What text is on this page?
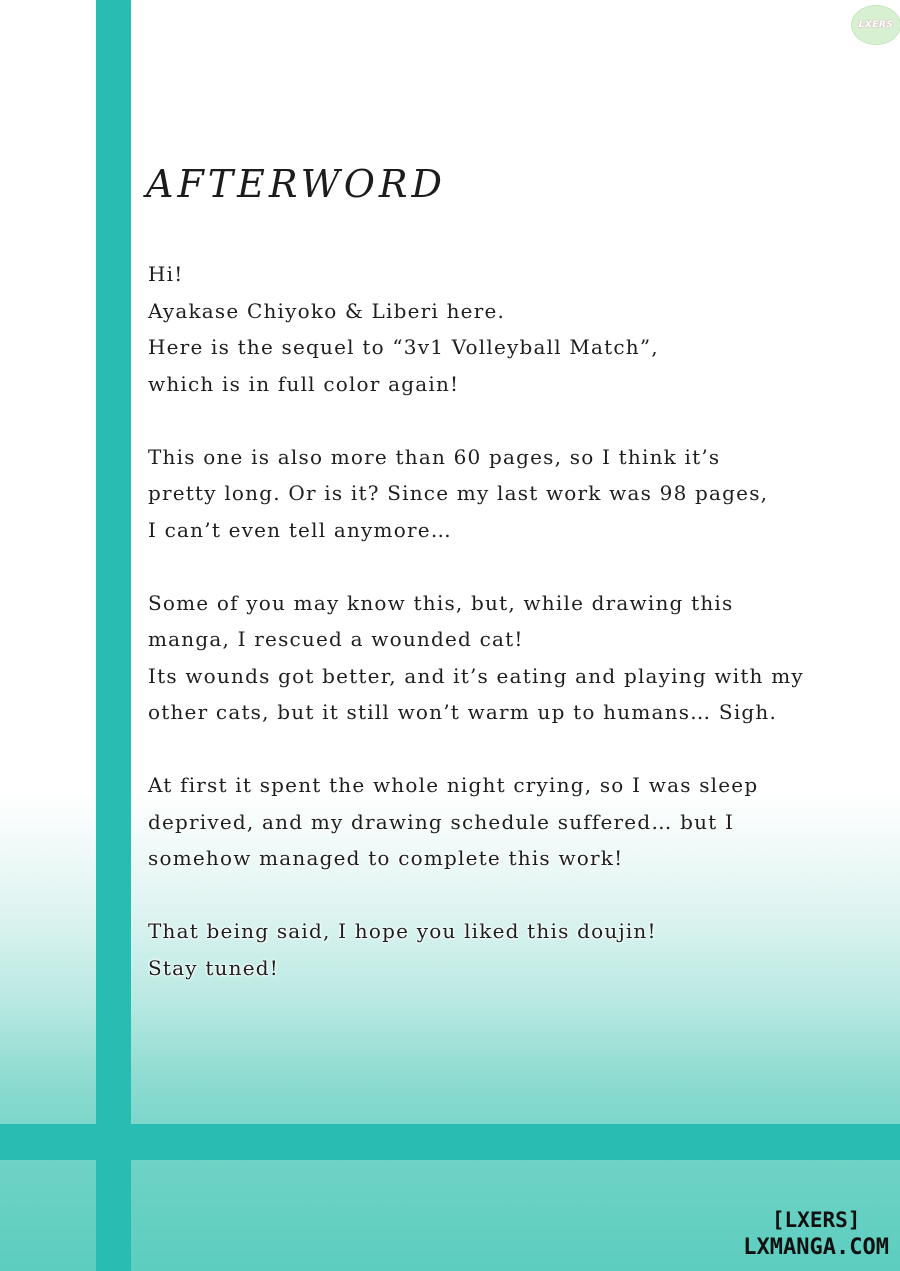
LXERS
AFTERWORD
Hi!
Ayakase Chiyoko & Liberi here.
Here is the sequel to “3v1 Volleyball Match”,
which is in full color again!
This one is also more than 60 pages, so I think it’s
pretty long. Or is it? Since my last work was 98 pages,
I can’t even tell anymore…
Some of you may know this, but, while drawing this
manga, I rescued a wounded cat!
Its wounds got better, and it’s eating and playing with my
other cats, but it still won’t warm up to humans… Sigh.
At first it spent the whole night crying, so I was sleep
deprived, and my drawing schedule suffered… but I
somehow managed to complete this work!
That being said, I hope you liked this doujin!
Stay tuned!
[LXERS]
LXMANGA.COM
